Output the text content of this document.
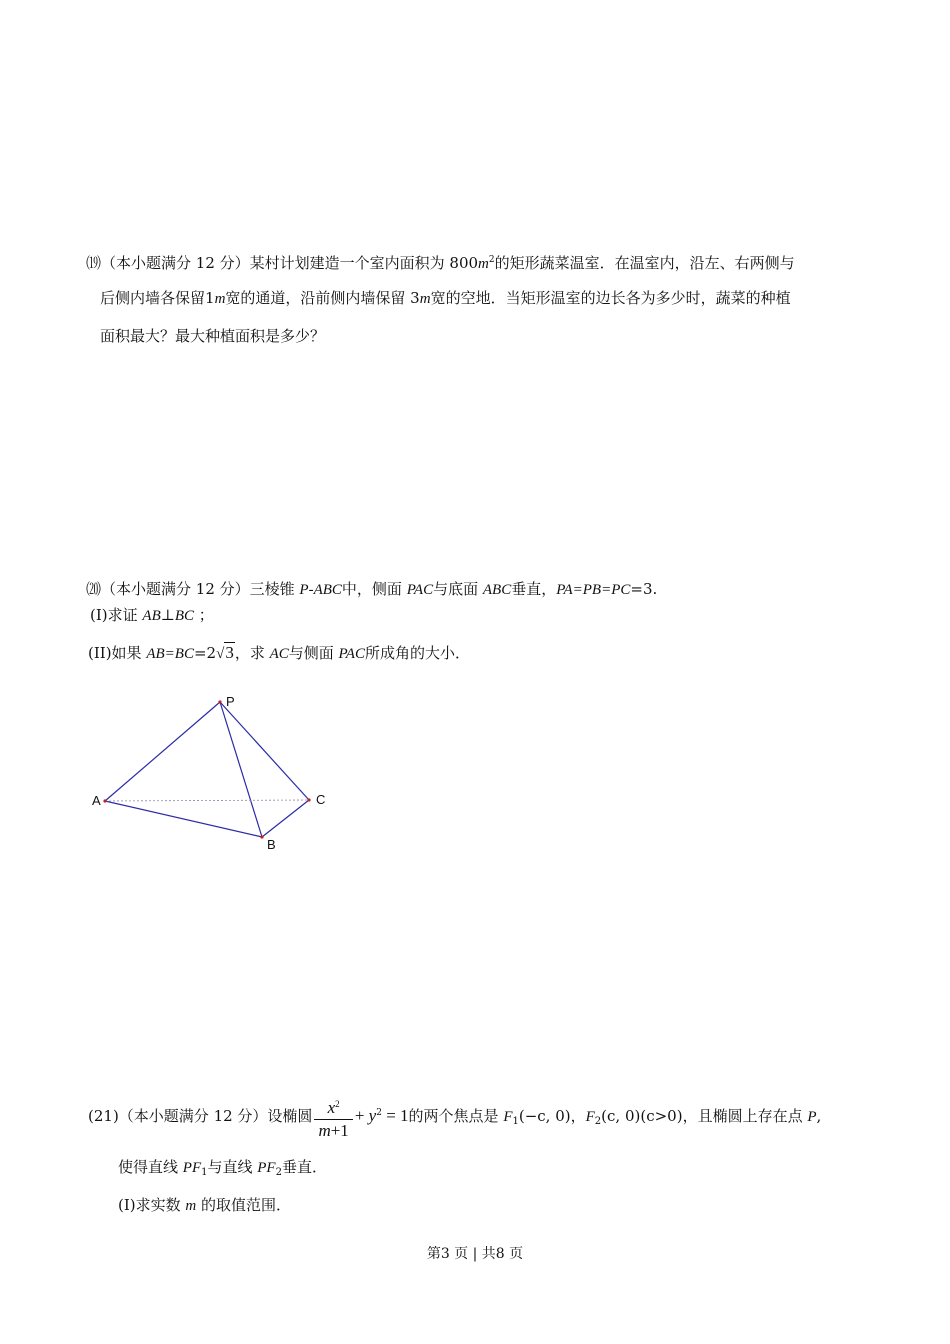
⒆（本小题满分 12 分）某村计划建造一个室内面积为 $800m^2$的矩形蔬菜温室．在温室内，沿左、右两侧与
后侧内墙各保留1m宽的通道，沿前侧内墙保留 3m宽的空地．当矩形温室的边长各为多少时，蔬菜的种植
面积最大？最大种植面积是多少？
⒇（本小题满分 12 分）三棱锥 P-ABC中，侧面 PAC与底面 ABC垂直，PA=PB=PC=3.
(I)求证 AB⊥BC ；
(II)如果 AB=BC=2√3，求 AC与侧面 PAC所成角的大小．
P
A
B
C
(21)（本小题满分 12 分）设椭圆 $\frac{x^2}{m+1} + y^2 = 1$的两个焦点是 $F_1(-c$, 0)，$F_2(c$, 0)(c>0)，且椭圆上存在点 P,
使得直线 $PF_1$与直线 $PF_2$垂直．
(I)求实数 m 的取值范围．
第3 页 | 共8 页
